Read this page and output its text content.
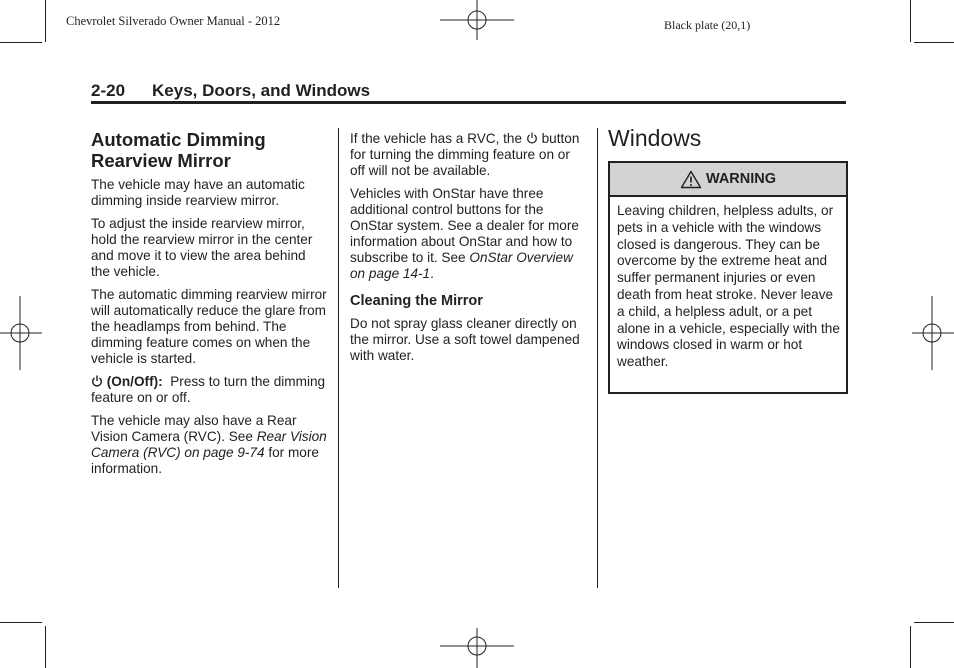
Chevrolet Silverado Owner Manual - 2012	Black plate (20,1)
2-20 Keys, Doors, and Windows
Automatic Dimming Rearview Mirror

The vehicle may have an automatic dimming inside rearview mirror.

To adjust the inside rearview mirror, hold the rearview mirror in the center and move it to view the area behind the vehicle.

The automatic dimming rearview mirror will automatically reduce the glare from the headlamps from behind. The dimming feature comes on when the vehicle is started.

(On/Off): Press to turn the dimming feature on or off.

The vehicle may also have a Rear Vision Camera (RVC). See Rear Vision Camera (RVC) on page 9-74 for more information.

If the vehicle has a RVC, the  button for turning the dimming feature on or off will not be available.

Vehicles with OnStar have three additional control buttons for the OnStar system. See a dealer for more information about OnStar and how to subscribe to it. See OnStar Overview on page 14-1.

Cleaning the Mirror

Do not spray glass cleaner directly on the mirror. Use a soft towel dampened with water.

Windows
WARNING
Leaving children, helpless adults, or pets in a vehicle with the windows closed is dangerous. They can be overcome by the extreme heat and suffer permanent injuries or even death from heat stroke. Never leave a child, a helpless adult, or a pet alone in a vehicle, especially with the windows closed in warm or hot weather.
